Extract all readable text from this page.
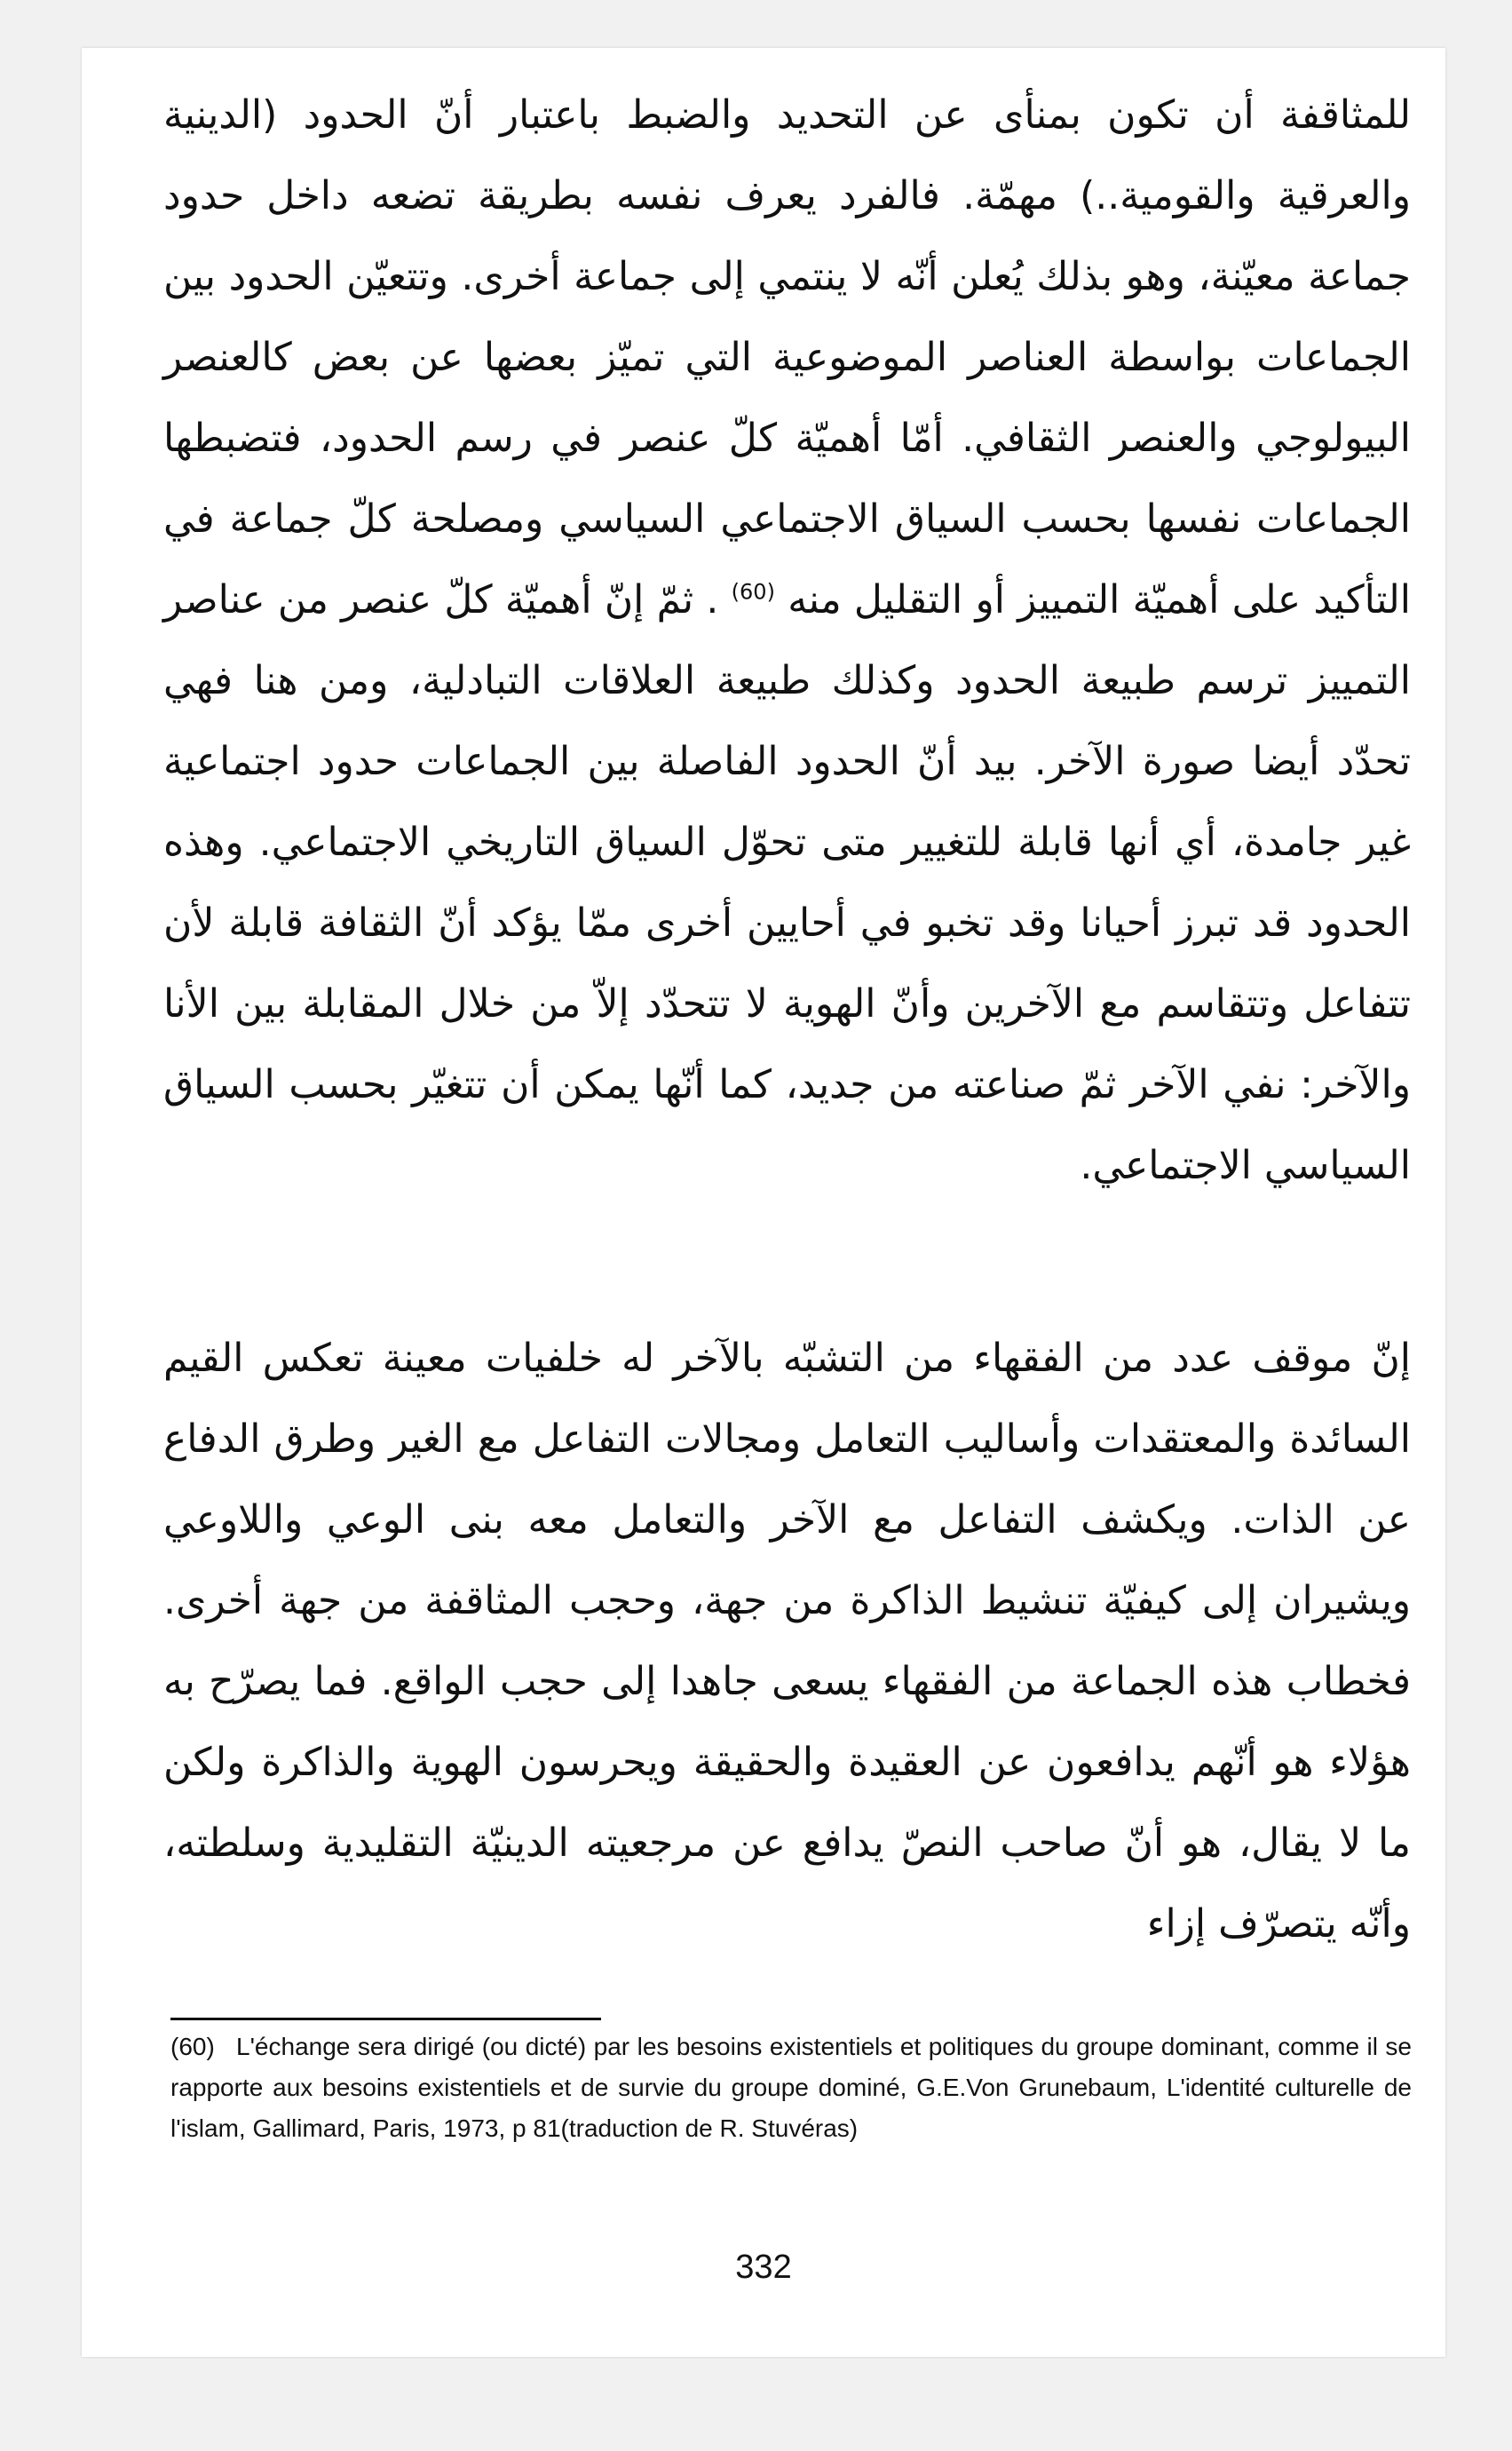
للمثاقفة أن تكون بمنأى عن التحديد والضبط باعتبار أنّ الحدود (الدينية والعرقية والقومية..) مهمّة. فالفرد يعرف نفسه بطريقة تضعه داخل حدود جماعة معيّنة، وهو بذلك يُعلن أنّه لا ينتمي إلى جماعة أخرى. وتتعيّن الحدود بين الجماعات بواسطة العناصر الموضوعية التي تميّز بعضها عن بعض كالعنصر البيولوجي والعنصر الثقافي. أمّا أهميّة كلّ عنصر في رسم الحدود، فتضبطها الجماعات نفسها بحسب السياق الاجتماعي السياسي ومصلحة كلّ جماعة في التأكيد على أهميّة التمييز أو التقليل منه $^{(60)}$ . ثمّ إنّ أهميّة كلّ عنصر من عناصر التمييز ترسم طبيعة الحدود وكذلك طبيعة العلاقات التبادلية، ومن هنا فهي تحدّد أيضا صورة الآخر. بيد أنّ الحدود الفاصلة بين الجماعات حدود اجتماعية غير جامدة، أي أنها قابلة للتغيير متى تحوّل السياق التاريخي الاجتماعي. وهذه الحدود قد تبرز أحيانا وقد تخبو في أحايين أخرى ممّا يؤكد أنّ الثقافة قابلة لأن تتفاعل وتتقاسم مع الآخرين وأنّ الهوية لا تتحدّد إلاّ من خلال المقابلة بين الأنا والآخر: نفي الآخر ثمّ صناعته من جديد، كما أنّها يمكن أن تتغيّر بحسب السياق السياسي الاجتماعي.
إنّ موقف عدد من الفقهاء من التشبّه بالآخر له خلفيات معينة تعكس القيم السائدة والمعتقدات وأساليب التعامل ومجالات التفاعل مع الغير وطرق الدفاع عن الذات. ويكشف التفاعل مع الآخر والتعامل معه بنى الوعي واللاوعي ويشيران إلى كيفيّة تنشيط الذاكرة من جهة، وحجب المثاقفة من جهة أخرى. فخطاب هذه الجماعة من الفقهاء يسعى جاهدا إلى حجب الواقع. فما يصرّح به هؤلاء هو أنّهم يدافعون عن العقيدة والحقيقة ويحرسون الهوية والذاكرة ولكن ما لا يقال، هو أنّ صاحب النصّ يدافع عن مرجعيته الدينيّة التقليدية وسلطته، وأنّه يتصرّف إزاء
(60) L'échange sera dirigé (ou dicté) par les besoins existentiels et politiques du groupe dominant, comme il se rapporte aux besoins existentiels et de survie du groupe dominé, G.E.Von Grunebaum, L'identité culturelle de l'islam, Gallimard, Paris, 1973, p 81(traduction de R. Stuvéras)
332
